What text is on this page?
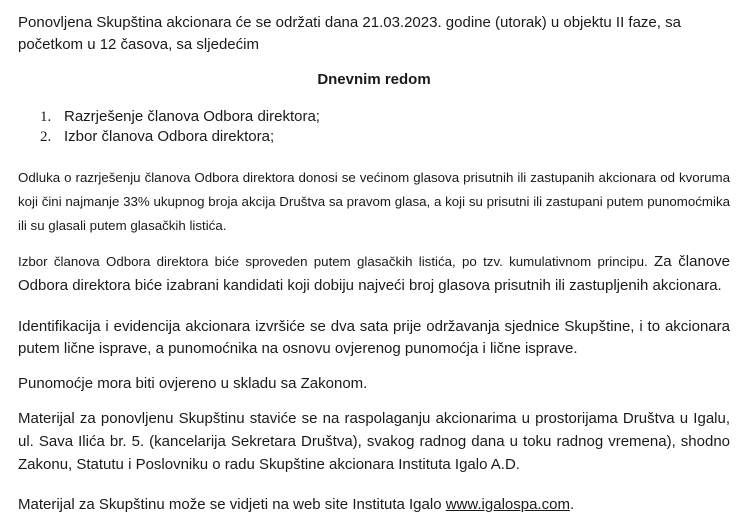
Ponovljena Skupština akcionara će se održati dana 21.03.2023. godine (utorak) u objektu II faze, sa početkom u 12 časova, sa sljedećim

Dnevnim redom
1. Razrješenje članova Odbora direktora;
2. Izbor članova Odbora direktora;

Odluka o razrješenju članova Odbora direktora donosi se većinom glasova prisutnih ili zastupanih akcionara od kvoruma koji čini najmanje 33% ukupnog broja akcija Društva sa pravom glasa, a koji su prisutni ili zastupani putem punomoćmika ili su glasali putem glasačkih listića.

Izbor članova Odbora direktora biće sproveden putem glasačkih listića, po tzv. kumulativnom principu. Za članove Odbora direktora biće izabrani kandidati koji dobiju najveći broj glasova prisutnih ili zastupljenih akcionara.

Identifikacija i evidencija akcionara izvršiće se dva sata prije održavanja sjednice Skupštine, i to akcionara putem lične isprave, a punomoćnika na osnovu ovjerenog punomoćja i lične isprave.

Punomoćje mora biti ovjereno u skladu sa Zakonom.

Materijal za ponovljenu Skupštinu staviće se na raspolaganju akcionarima u prostorijama Društva u Igalu, ul. Sava Ilića br. 5. (kancelarija Sekretara Društva), svakog radnog dana u toku radnog vremena), shodno Zakonu, Statutu i Poslovniku o radu Skupštine akcionara Instituta Igalo A.D.

Materijal za Skupštinu može se vidjeti na web site Instituta Igalo www.igalospa.com.
